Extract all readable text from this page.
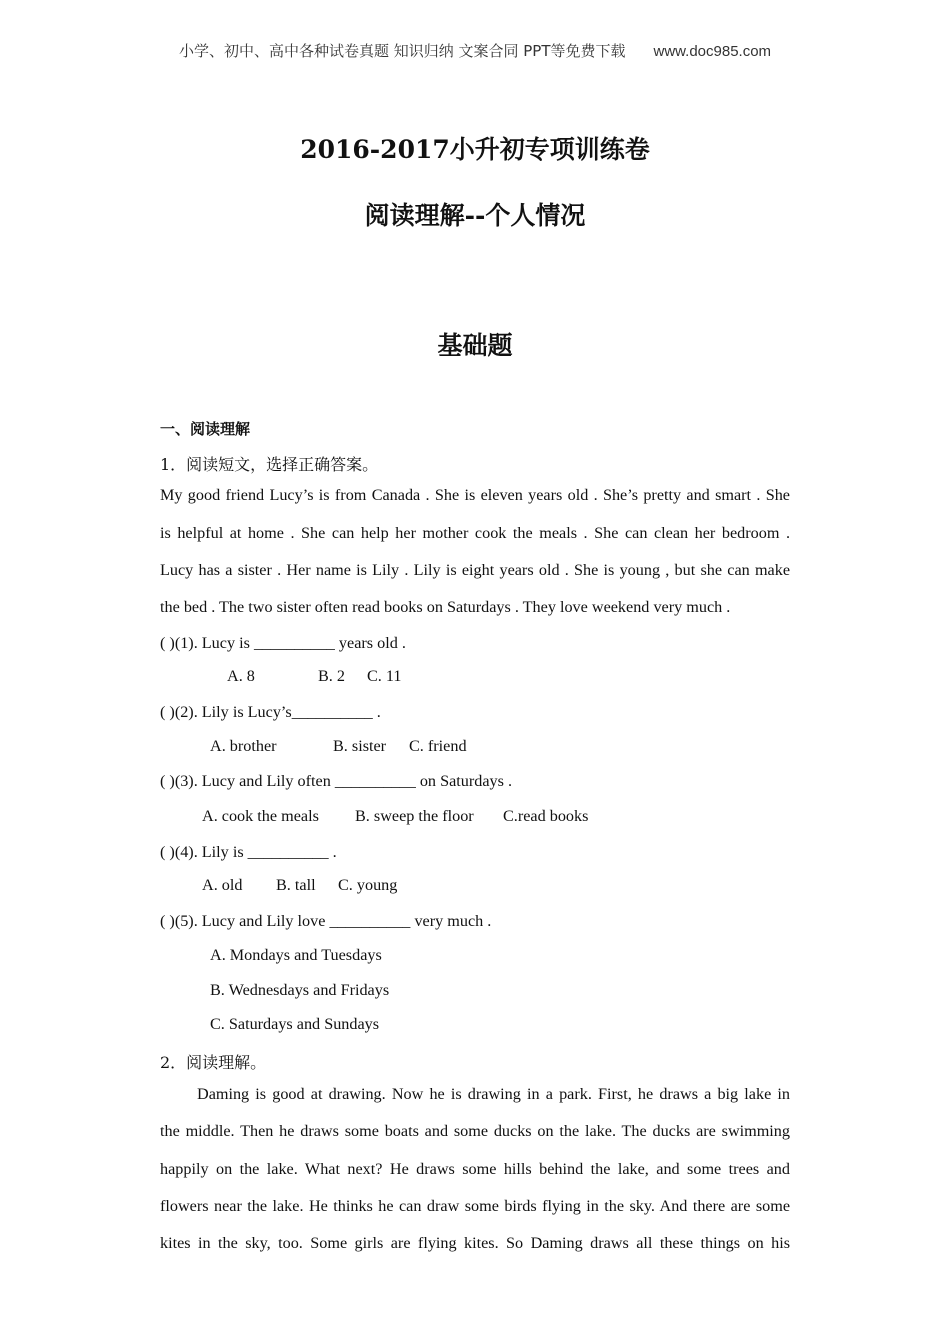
小学、初中、高中各种试卷真题 知识归纳 文案合同 PPT等免费下载 www.doc985.com
2016-2017小升初专项训练卷
阅读理解--个人情况
基础题
一、阅读理解
1．阅读短文，选择正确答案。
My good friend Lucy’s is from Canada . She is eleven years old . She’s pretty and smart . She
is helpful at home . She can help her mother cook the meals . She can clean her bedroom .
Lucy has a sister . Her name is Lily . Lily is eight years old . She is young , but she can make
the bed . The two sister often read books on Saturdays . They love weekend very much .
( )(1). Lucy is __________ years old .
A. 8	B. 2 C. 11
( )(2). Lily is Lucy’s__________ .
A. brother	B. sister C. friend
( )(3). Lucy and Lily often __________ on Saturdays .
A. cook the meals B. sweep the floor C.read books
( )(4). Lily is __________ .
A. old B. tall C. young
( )(5). Lucy and Lily love __________ very much .
A. Mondays and Tuesdays
B. Wednesdays and Fridays
C. Saturdays and Sundays
2．阅读理解。
Daming is good at drawing. Now he is drawing in a park. First, he draws a big lake in
the middle. Then he draws some boats and some ducks on the lake. The ducks are swimming
happily on the lake. What next? He draws some hills behind the lake, and some trees and
flowers near the lake. He thinks he can draw some birds flying in the sky. And there are some
kites in the sky, too. Some girls are flying kites. So Daming draws all these things on his
